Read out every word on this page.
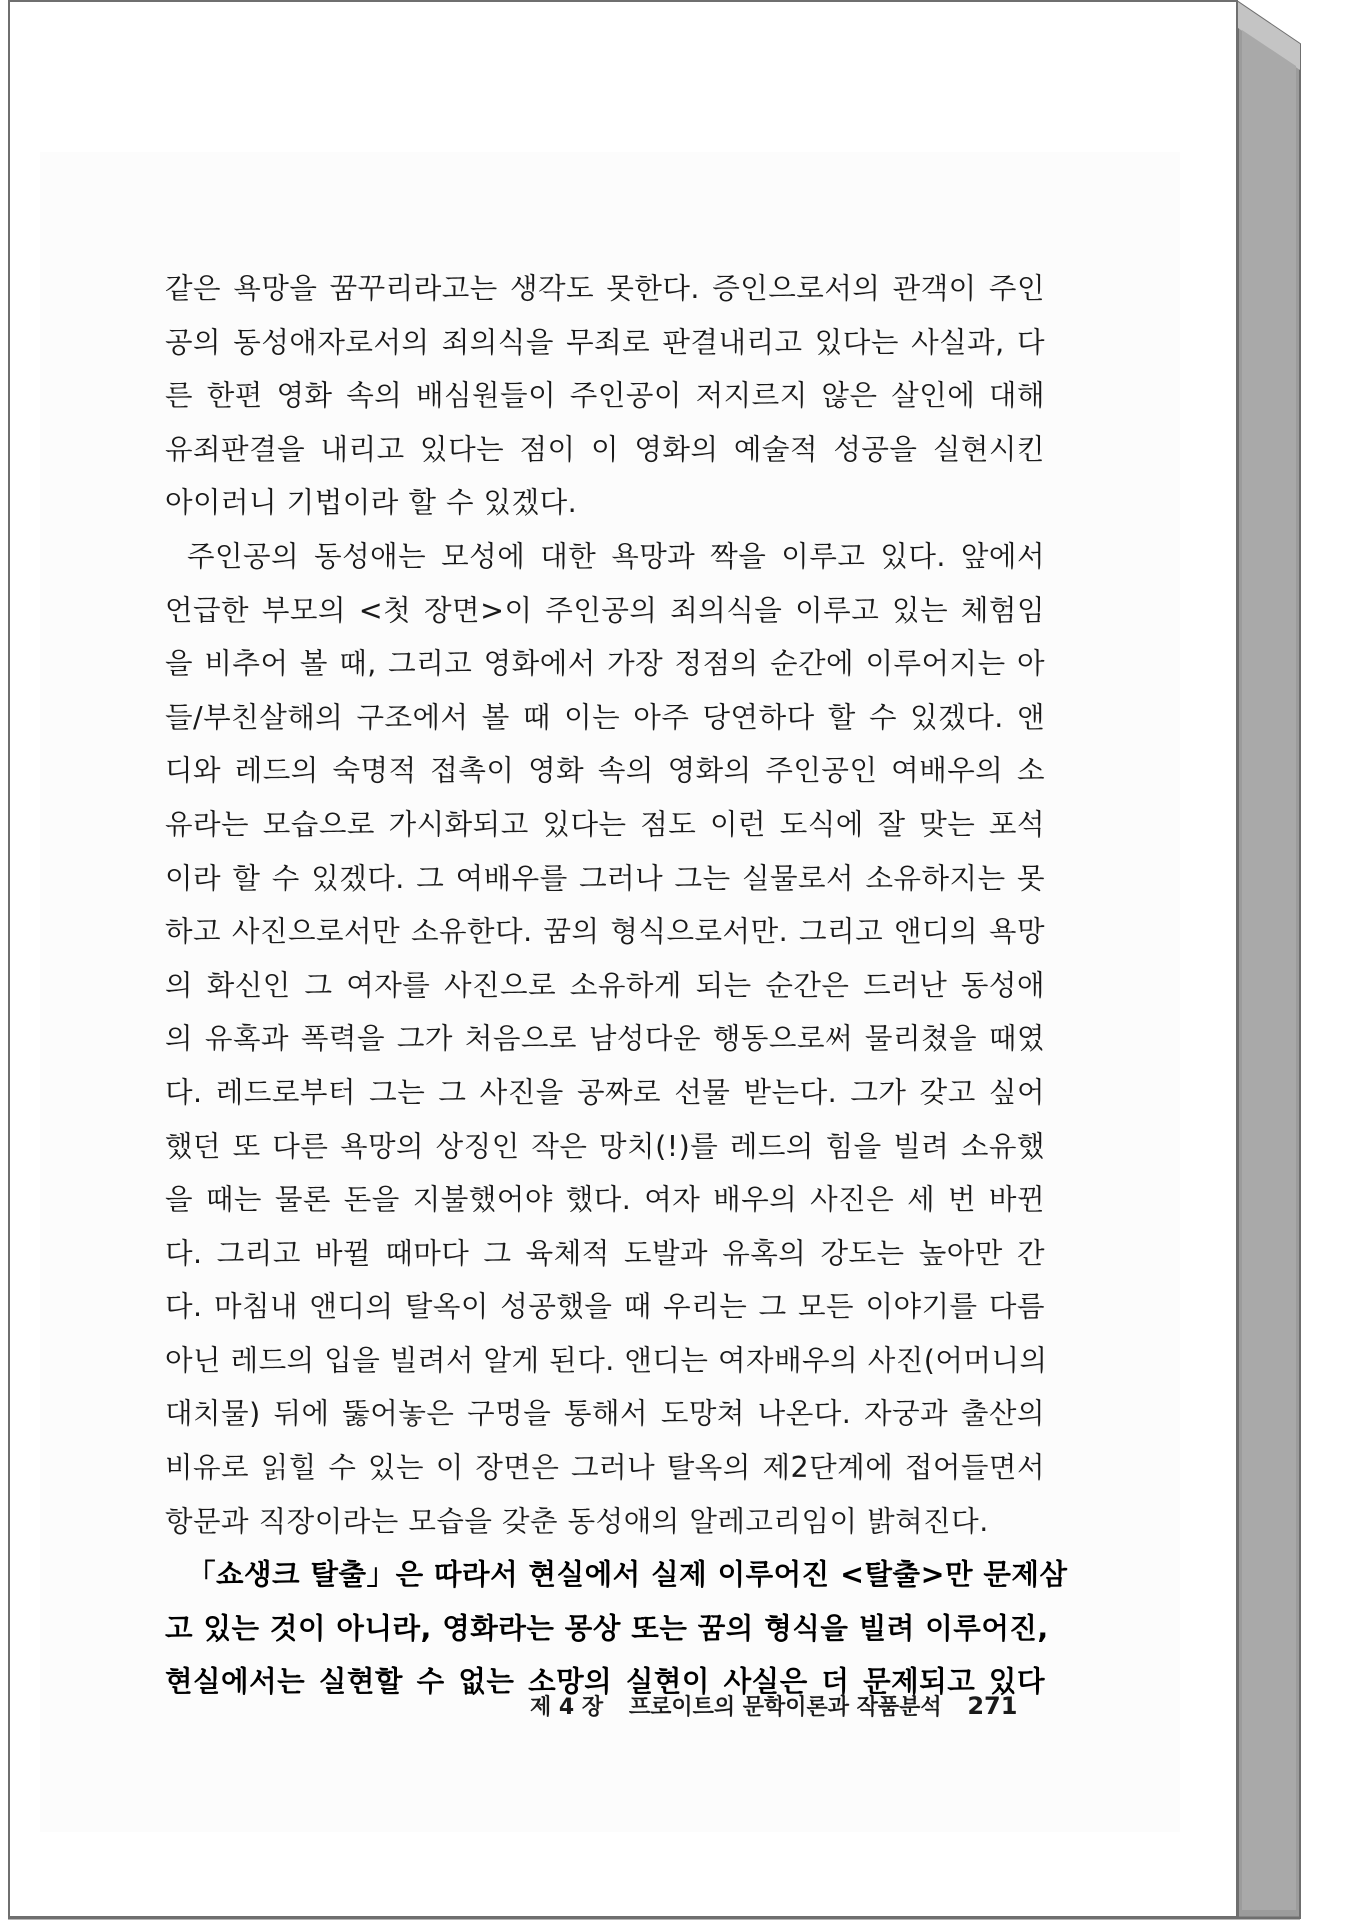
같은 욕망을 꿈꾸리라고는 생각도 못한다. 증인으로서의 관객이 주인
공의 동성애자로서의 죄의식을 무죄로 판결내리고 있다는 사실과, 다
른 한편 영화 속의 배심원들이 주인공이 저지르지 않은 살인에 대해
유죄판결을 내리고 있다는 점이 이 영화의 예술적 성공을 실현시킨
아이러니 기법이라 할 수 있겠다.
주인공의 동성애는 모성에 대한 욕망과 짝을 이루고 있다. 앞에서
언급한 부모의 <첫 장면>이 주인공의 죄의식을 이루고 있는 체험임
을 비추어 볼 때, 그리고 영화에서 가장 정점의 순간에 이루어지는 아
들/부친살해의 구조에서 볼 때 이는 아주 당연하다 할 수 있겠다. 앤
디와 레드의 숙명적 접촉이 영화 속의 영화의 주인공인 여배우의 소
유라는 모습으로 가시화되고 있다는 점도 이런 도식에 잘 맞는 포석
이라 할 수 있겠다. 그 여배우를 그러나 그는 실물로서 소유하지는 못
하고 사진으로서만 소유한다. 꿈의 형식으로서만. 그리고 앤디의 욕망
의 화신인 그 여자를 사진으로 소유하게 되는 순간은 드러난 동성애
의 유혹과 폭력을 그가 처음으로 남성다운 행동으로써 물리쳤을 때였
다. 레드로부터 그는 그 사진을 공짜로 선물 받는다. 그가 갖고 싶어
했던 또 다른 욕망의 상징인 작은 망치(!)를 레드의 힘을 빌려 소유했
을 때는 물론 돈을 지불했어야 했다. 여자 배우의 사진은 세 번 바뀐
다. 그리고 바뀔 때마다 그 육체적 도발과 유혹의 강도는 높아만 간
다. 마침내 앤디의 탈옥이 성공했을 때 우리는 그 모든 이야기를 다름
아닌 레드의 입을 빌려서 알게 된다. 앤디는 여자배우의 사진(어머니의
대치물) 뒤에 뚫어놓은 구멍을 통해서 도망쳐 나온다. 자궁과 출산의
비유로 읽힐 수 있는 이 장면은 그러나 탈옥의 제2단계에 접어들면서
항문과 직장이라는 모습을 갖춘 동성애의 알레고리임이 밝혀진다.
「쇼생크 탈출」은 따라서 현실에서 실제 이루어진 <탈출>만 문제삼
고 있는 것이 아니라, 영화라는 몽상 또는 꿈의 형식을 빌려 이루어진,
현실에서는 실현할 수 없는 소망의 실현이 사실은 더 문제되고 있다
제 4 장 프로이트의 문학이론과 작품분석 271
